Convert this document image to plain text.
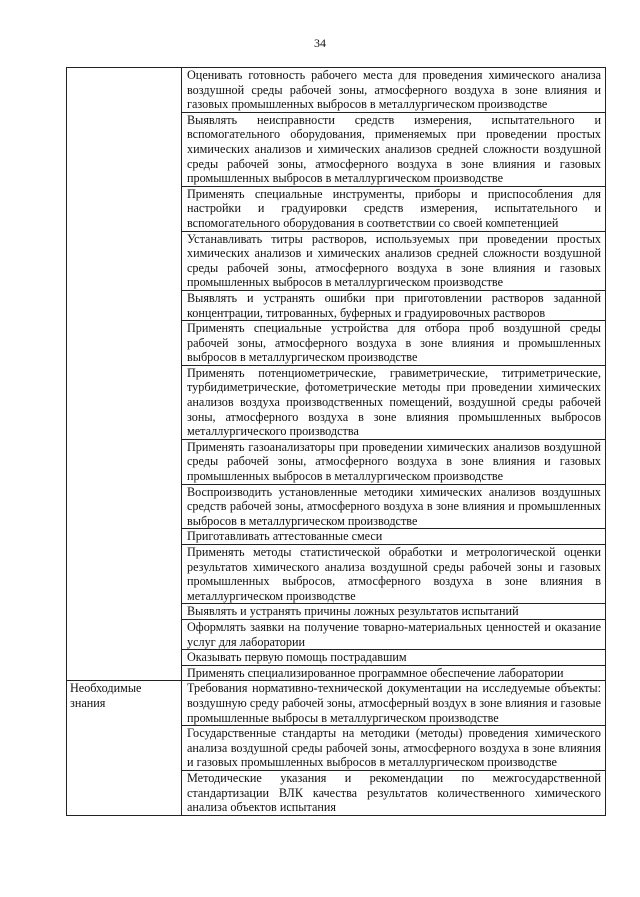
34
	Оценивать готовность рабочего места для проведения химического анализа воздушной среды рабочей зоны, атмосферного воздуха в зоне влияния и газовых промышленных выбросов в металлургическом производстве
	Выявлять неисправности средств измерения, испытательного и вспомогательного оборудования, применяемых при проведении простых химических анализов и химических анализов средней сложности воздушной среды рабочей зоны, атмосферного воздуха в зоне влияния и газовых промышленных выбросов в металлургическом производстве
	Применять специальные инструменты, приборы и приспособления для настройки и градуировки средств измерения, испытательного и вспомогательного оборудования в соответствии со своей компетенцией
	Устанавливать титры растворов, используемых при проведении простых химических анализов и химических анализов средней сложности воздушной среды рабочей зоны, атмосферного воздуха в зоне влияния и газовых промышленных выбросов в металлургическом производстве
	Выявлять и устранять ошибки при приготовлении растворов заданной концентрации, титрованных, буферных и градуировочных растворов
	Применять специальные устройства для отбора проб воздушной среды рабочей зоны, атмосферного воздуха в зоне влияния и промышленных выбросов в металлургическом производстве
	Применять потенциометрические, гравиметрические, титриметрические, турбидиметрические, фотометрические методы при проведении химических анализов воздуха производственных помещений, воздушной среды рабочей зоны, атмосферного воздуха в зоне влияния промышленных выбросов металлургического производства
	Применять газоанализаторы при проведении химических анализов воздушной среды рабочей зоны, атмосферного воздуха в зоне влияния и газовых промышленных выбросов в металлургическом производстве
	Воспроизводить установленные методики химических анализов воздушных средств рабочей зоны, атмосферного воздуха в зоне влияния и промышленных выбросов в металлургическом производстве
	Приготавливать аттестованные смеси
	Применять методы статистической обработки и метрологической оценки результатов химического анализа воздушной среды рабочей зоны и газовых промышленных выбросов, атмосферного воздуха в зоне влияния в металлургическом производстве
	Выявлять и устранять причины ложных результатов испытаний
	Оформлять заявки на получение товарно-материальных ценностей и оказание услуг для лаборатории
	Оказывать первую помощь пострадавшим
	Применять специализированное программное обеспечение лаборатории
Необходимые знания	Требования нормативно-технической документации на исследуемые объекты: воздушную среду рабочей зоны, атмосферный воздух в зоне влияния и газовые промышленные выбросы в металлургическом производстве
	Государственные стандарты на методики (методы) проведения химического анализа воздушной среды рабочей зоны, атмосферного воздуха в зоне влияния и газовых промышленных выбросов в металлургическом производстве
	Методические указания и рекомендации по межгосударственной стандартизации ВЛК качества результатов количественного химического анализа объектов испытания
